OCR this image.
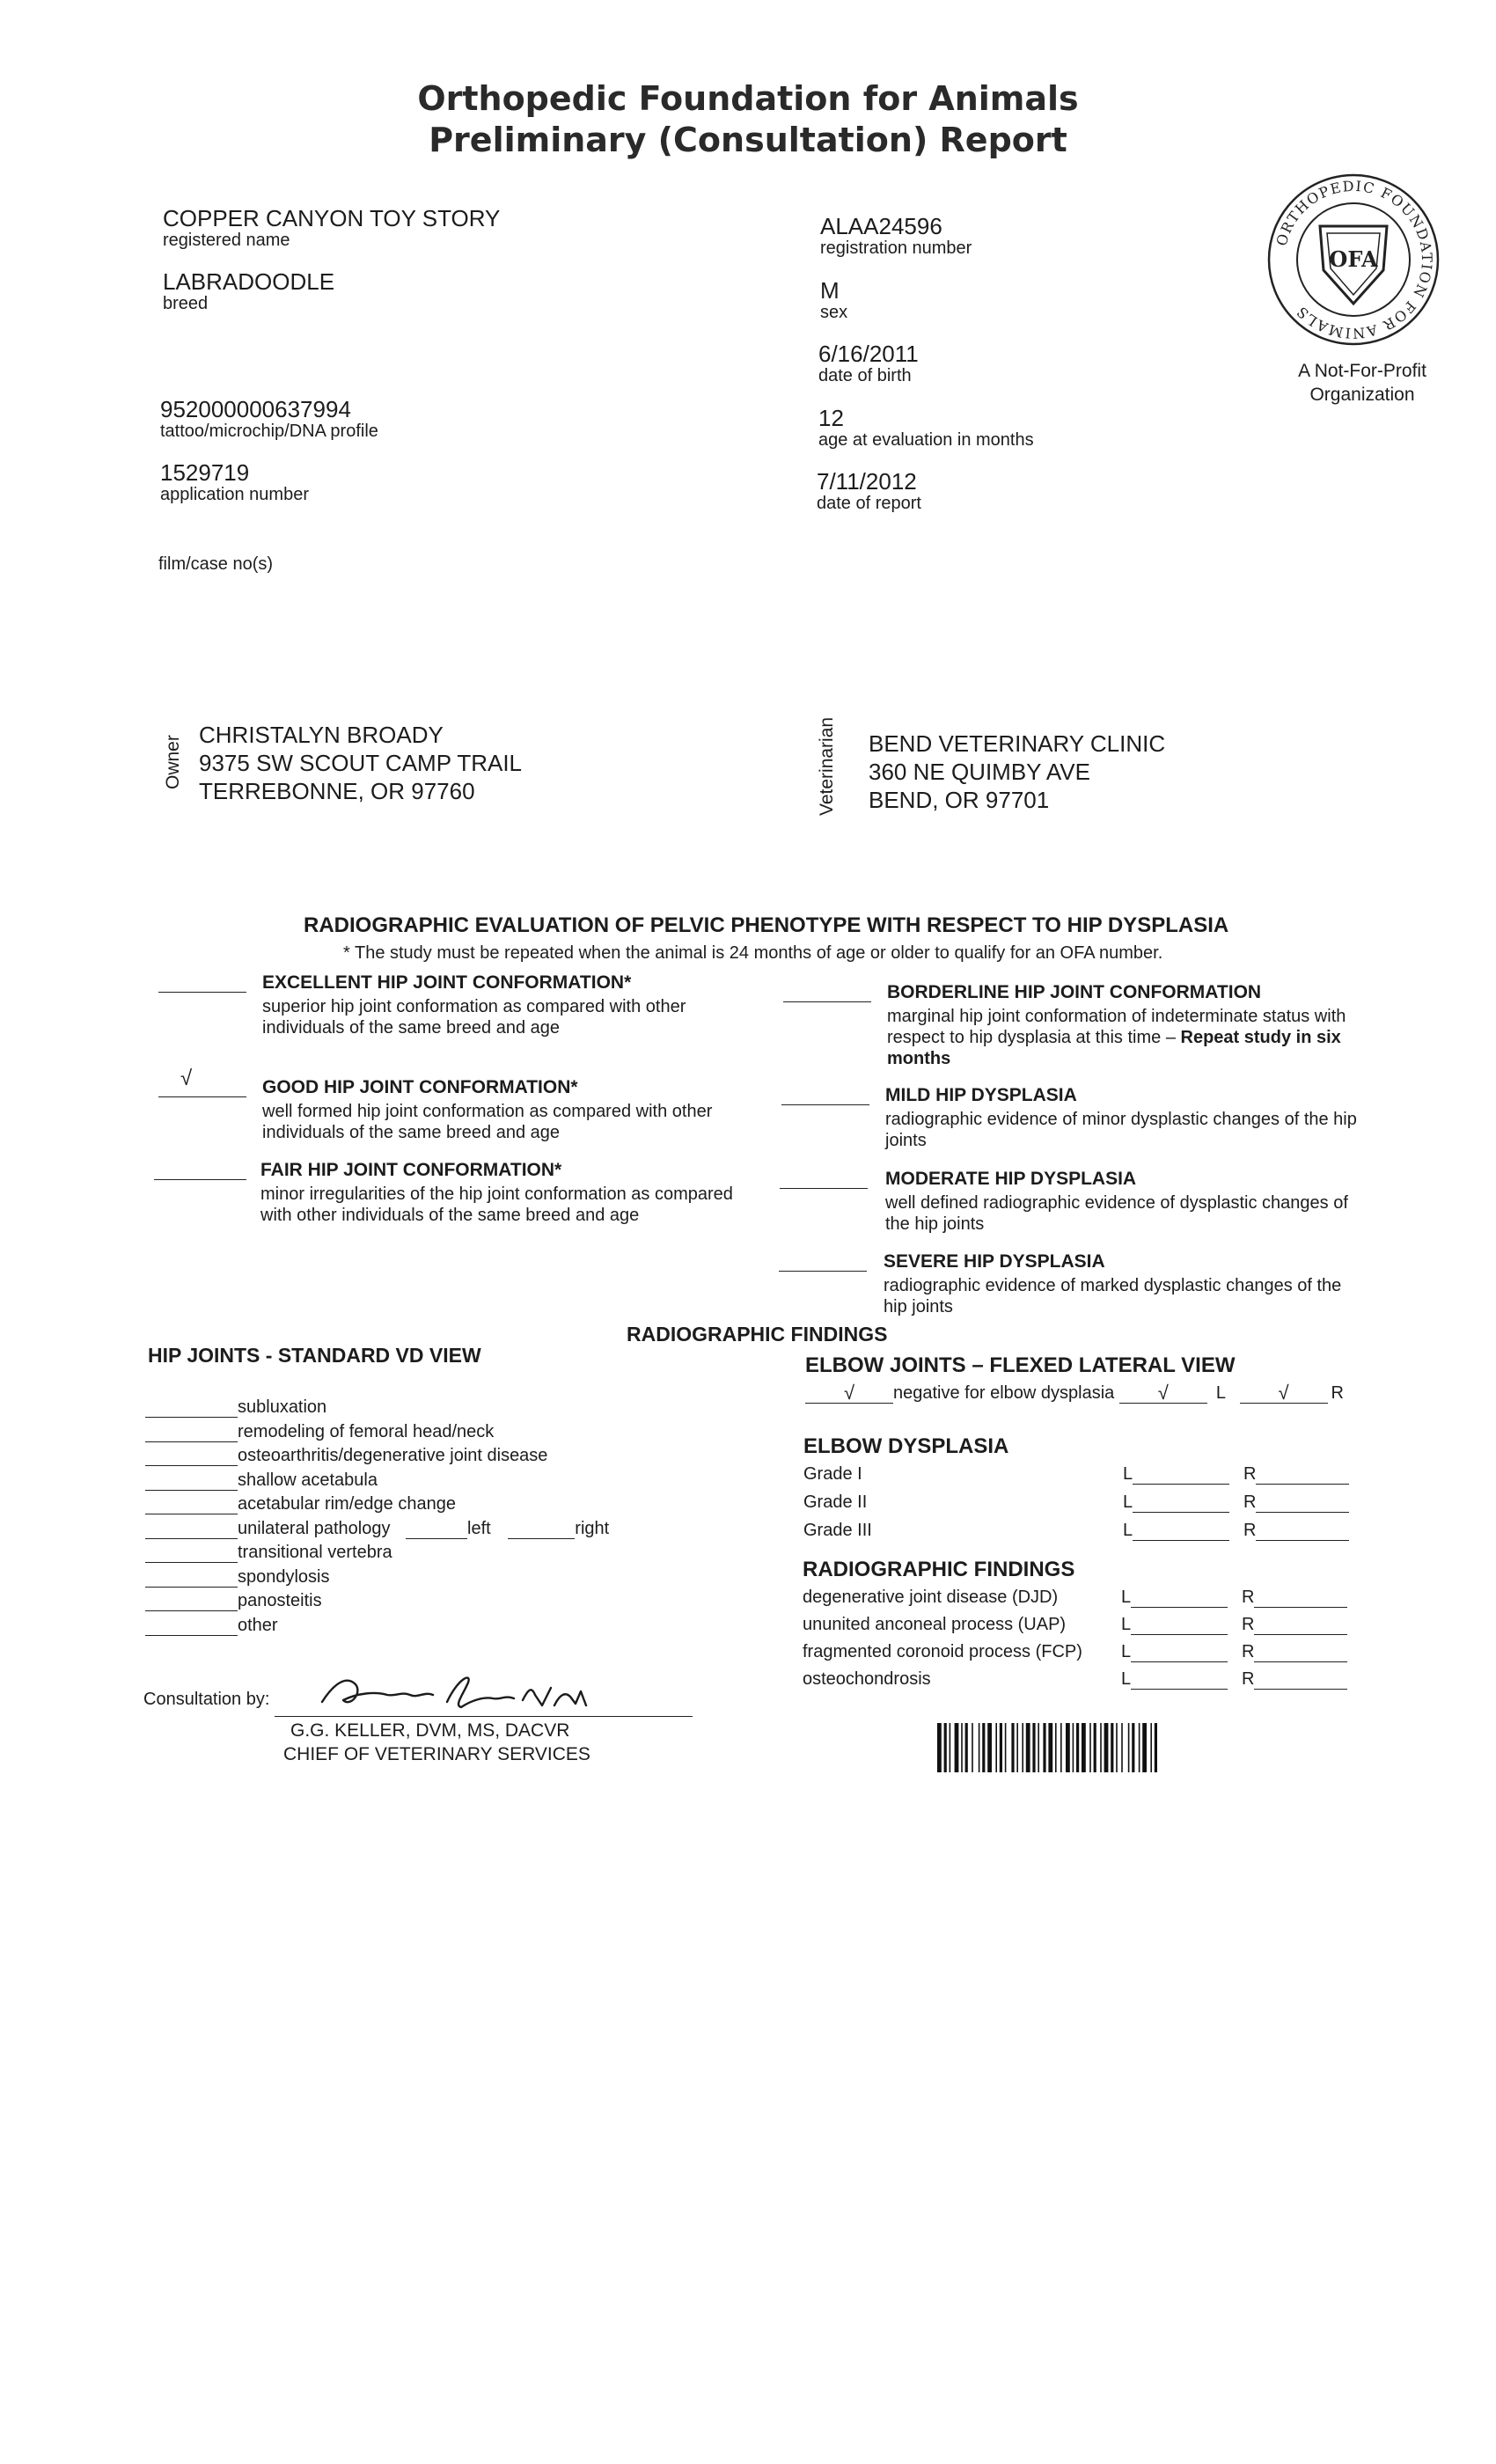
Orthopedic Foundation for Animals
Preliminary (Consultation) Report
COPPER CANYON TOY STORY
registered name
LABRADOODLE
breed
952000000637994
tattoo/microchip/DNA profile
1529719
application number
film/case no(s)
ALAA24596
registration number
M
sex
6/16/2011
date of birth
12
age at evaluation in months
7/11/2012
date of report
ORTHOPEDIC FOUNDATION FOR ANIMALS
OFA
A Not-For-Profit
Organization
Owner
CHRISTALYN BROADY
9375 SW SCOUT CAMP TRAIL
TERREBONNE, OR 97760	Veterinarian BEND VETERINARY CLINIC
360 NE QUIMBY AVE
BEND, OR 97701
RADIOGRAPHIC EVALUATION OF PELVIC PHENOTYPE WITH RESPECT TO HIP DYSPLASIA
* The study must be repeated when the animal is 24 months of age or older to qualify for an OFA number.
EXCELLENT HIP JOINT CONFORMATION*
superior hip joint conformation as compared with other
individuals of the same breed and age
√	GOOD HIP JOINT CONFORMATION*
well formed hip joint conformation as compared with other
individuals of the same breed and age
FAIR HIP JOINT CONFORMATION*
minor irregularities of the hip joint conformation as compared
with other individuals of the same breed and age
BORDERLINE HIP JOINT CONFORMATION
marginal hip joint conformation of indeterminate status with
respect to hip dysplasia at this time – Repeat study in six
months
MILD HIP DYSPLASIA
radiographic evidence of minor dysplastic changes of the hip
joints
MODERATE HIP DYSPLASIA
well defined radiographic evidence of dysplastic changes of
the hip joints
SEVERE HIP DYSPLASIA
radiographic evidence of marked dysplastic changes of the
hip joints
RADIOGRAPHIC FINDINGS
HIP JOINTS - STANDARD VD VIEW
subluxation
remodeling of femoral head/neck
osteoarthritis/degenerative joint disease
shallow acetabula
acetabular rim/edge change
unilateral pathology	left	right
transitional vertebra
spondylosis
panosteitis
other
ELBOW JOINTS – FLEXED LATERAL VIEW
√ negative for elbow dysplasia √	L	√ R
ELBOW DYSPLASIA
Grade I	L	R
Grade II	L	R
Grade III	L	R
RADIOGRAPHIC FINDINGS
degenerative joint disease (DJD)	L	R
ununited anconeal process (UAP)	L	R
fragmented coronoid process (FCP) L	R
osteochondrosis	L	R
Consultation by:
G.G. KELLER, DVM, MS, DACVR
CHIEF OF VETERINARY SERVICES
